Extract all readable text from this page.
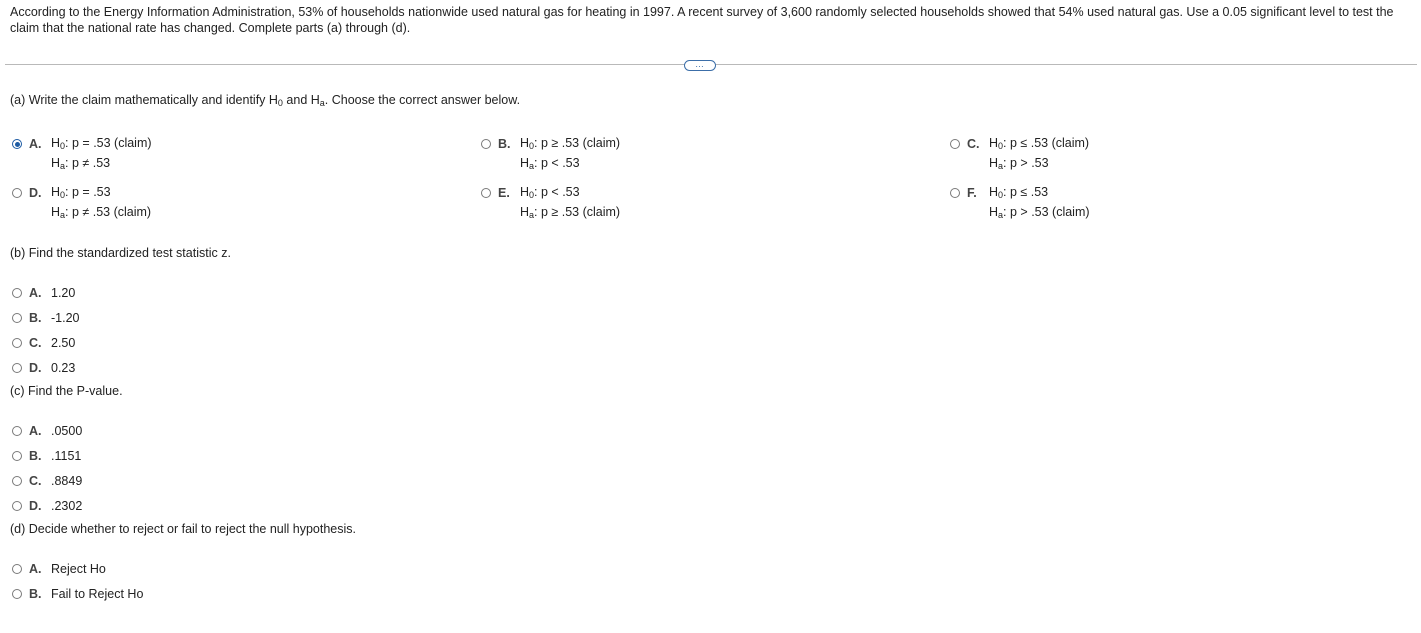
According to the Energy Information Administration, 53% of households nationwide used natural gas for heating in 1997. A recent survey of 3,600 randomly selected households showed that 54% used natural gas. Use a 0.05 significant level to test the claim that the national rate has changed. Complete parts (a) through (d).
…
(a) Write the claim mathematically and identify $H_0$ and $H_a$. Choose the correct answer below.
A. $H_0$: p = .53 (claim)
$H_a$: p ≠ .53
B. $H_0$: p ≥ .53 (claim)
$H_a$: p < .53
C. $H_0$: p ≤ .53 (claim)
$H_a$: p > .53
D. $H_0$: p = .53
$H_a$: p ≠ .53 (claim)
E. $H_0$: p < .53
$H_a$: p ≥ .53 (claim)
F. $H_0$: p ≤ .53
$H_a$: p > .53 (claim)
(b) Find the standardized test statistic z.
A. 1.20
B. -1.20
C. 2.50
D. 0.23
(c) Find the P-value.
A. .0500
B. .1151
C. .8849
D. .2302
(d) Decide whether to reject or fail to reject the null hypothesis.
A. Reject Ho
B. Fail to Reject Ho
